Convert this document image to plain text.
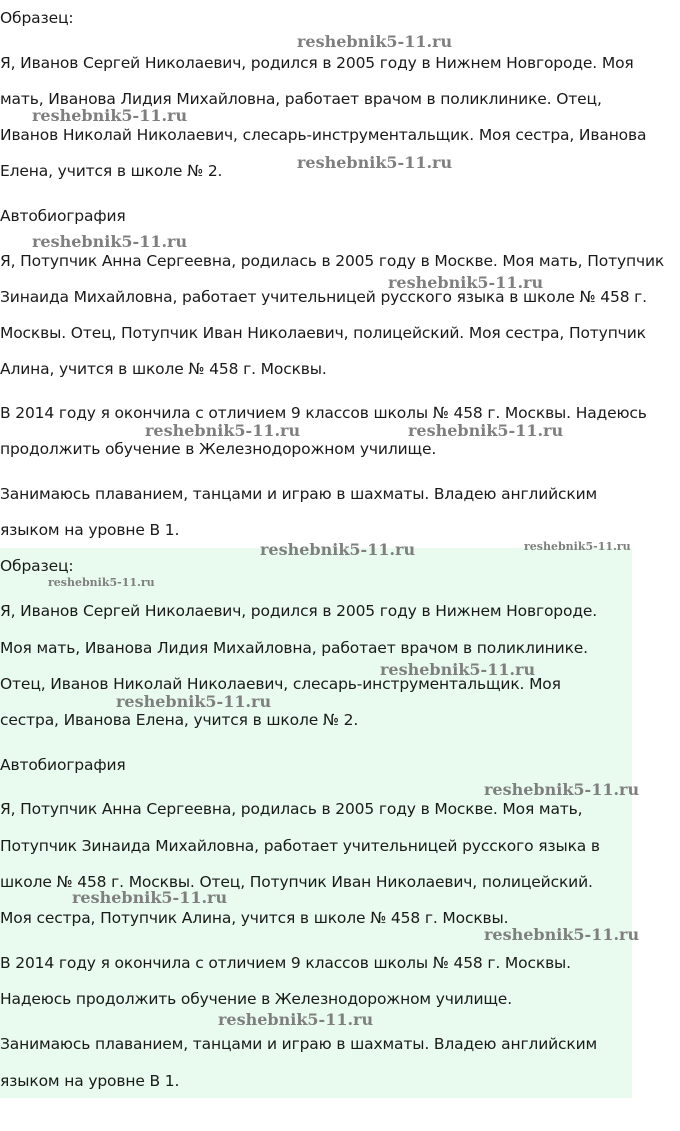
Образец:
Я, Иванов Сергей Николаевич, родился в 2005 году в Нижнем Новгороде. Моя
мать, Иванова Лидия Михайловна, работает врачом в поликлинике. Отец,
Иванов Николай Николаевич, слесарь-инструментальщик. Моя сестра, Иванова
Елена, учится в школе № 2.
Автобиография
Я, Потупчик Анна Сергеевна, родилась в 2005 году в Москве. Моя мать, Потупчик
Зинаида Михайловна, работает учительницей русского языка в школе № 458 г.
Москвы. Отец, Потупчик Иван Николаевич, полицейский. Моя сестра, Потупчик
Алина, учится в школе № 458 г. Москвы.
В 2014 году я окончила с отличием 9 классов школы № 458 г. Москвы. Надеюсь
продолжить обучение в Железнодорожном училище.
Занимаюсь плаванием, танцами и играю в шахматы. Владею английским
языком на уровне В 1.
Образец:
Я, Иванов Сергей Николаевич, родился в 2005 году в Нижнем Новгороде.
Моя мать, Иванова Лидия Михайловна, работает врачом в поликлинике.
Отец, Иванов Николай Николаевич, слесарь-инструментальщик. Моя
сестра, Иванова Елена, учится в школе № 2.
Автобиография
Я, Потупчик Анна Сергеевна, родилась в 2005 году в Москве. Моя мать,
Потупчик Зинаида Михайловна, работает учительницей русского языка в
школе № 458 г. Москвы. Отец, Потупчик Иван Николаевич, полицейский.
Моя сестра, Потупчик Алина, учится в школе № 458 г. Москвы.
В 2014 году я окончила с отличием 9 классов школы № 458 г. Москвы.
Надеюсь продолжить обучение в Железнодорожном училище.
Занимаюсь плаванием, танцами и играю в шахматы. Владею английским
языком на уровне В 1.
reshebnik5-11.ru
reshebnik5-11.ru
reshebnik5-11.ru
reshebnik5-11.ru
reshebnik5-11.ru
reshebnik5-11.ru	reshebnik5-11.ru
reshebnik5-11.ru	reshebnik5-11.ru
reshebnik5-11.ru
reshebnik5-11.ru
reshebnik5-11.ru
reshebnik5-11.ru
reshebnik5-11.ru
reshebnik5-11.ru
reshebnik5-11.ru
